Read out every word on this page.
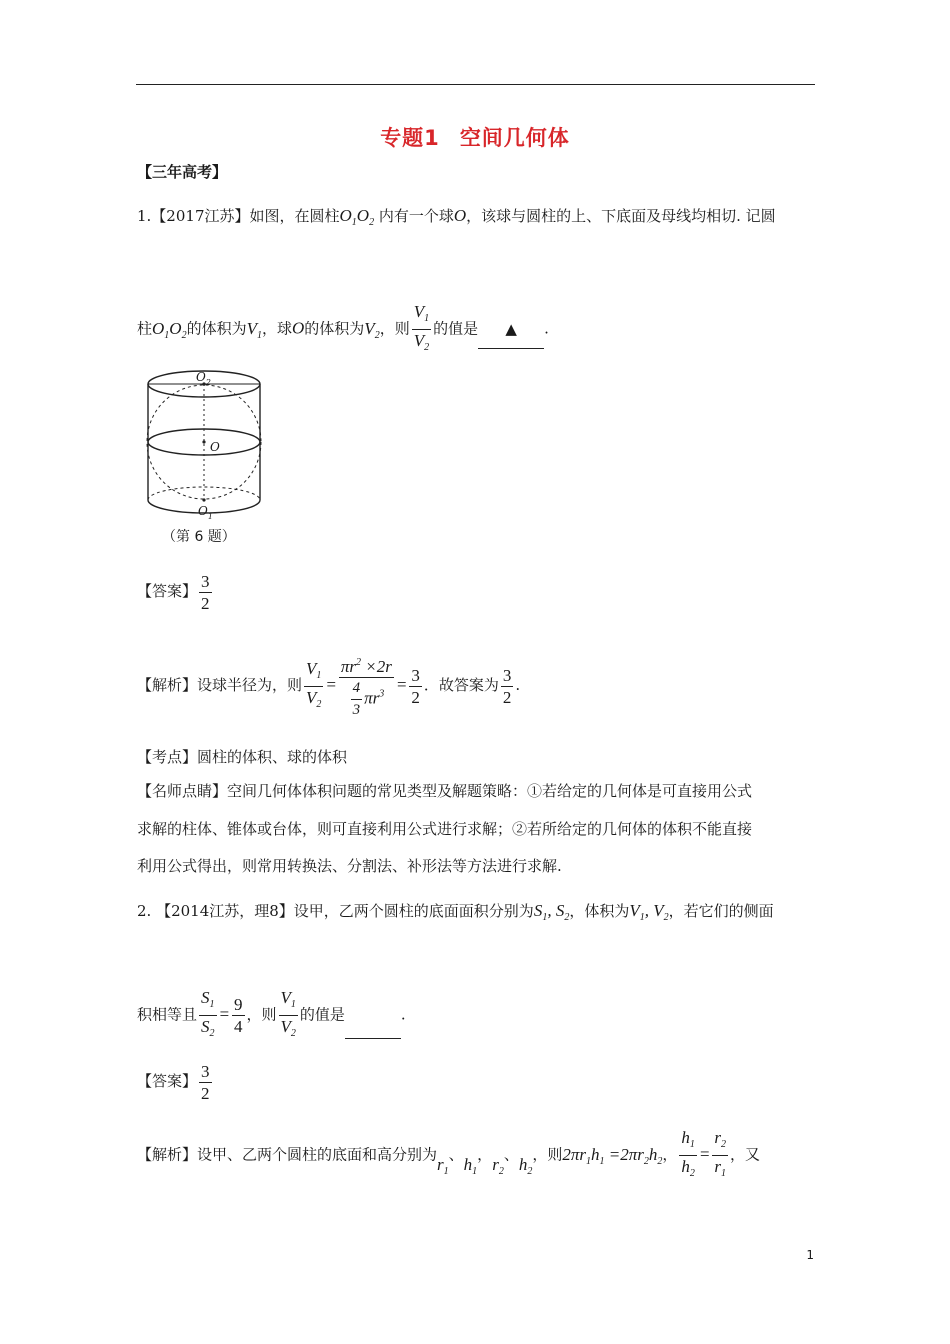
专题1 空间几何体
【三年高考】
1.【2017江苏】如图，在圆柱$O_1O_2$ 内有一个球O，该球与圆柱的上、下底面及母线均相切. 记圆
柱$O_1O_2$的体积为$V_1$，球O的体积为$V_2$，则 $\frac{V_1}{V_2}$ 的值是 ▲ .
$O_2$
O
$O_1$
（第 6 题）
【答案】 $\frac{3}{2}$
【解析】设球半径为，则 $\frac{V_1}{V_2} = \frac{\pi r^2 \times 2r}{\frac{4}{3} \pi r^3} = \frac{3}{2}$ ．故答案为 $\frac{3}{2}$ .
【考点】圆柱的体积、球的体积
【名师点睛】空间几何体体积问题的常见类型及解题策略：①若给定的几何体是可直接用公式
求解的柱体、锥体或台体，则可直接利用公式进行求解；②若所给定的几何体的体积不能直接
利用公式得出，则常用转换法、分割法、补形法等方法进行求解.
2. 【2014江苏，理8】设甲，乙两个圆柱的底面面积分别为$S_1$, $S_2$，体积为$V_1$, $V_2$，若它们的侧面
积相等且 $\frac{S_1}{S_2} = \frac{9}{4}$ ，则 $\frac{V_1}{V_2}$ 的值是	.
【答案】 $\frac{3}{2}$
【解析】设甲、乙两个圆柱的底面和高分别为$r_1$、$h_1$，$r_2$、$h_2$，则$2\pi r_1h_1 =2\pi r_2h_2$， $\frac{h_1}{h_2} = \frac{r_2}{r_1}$ ，又
1
